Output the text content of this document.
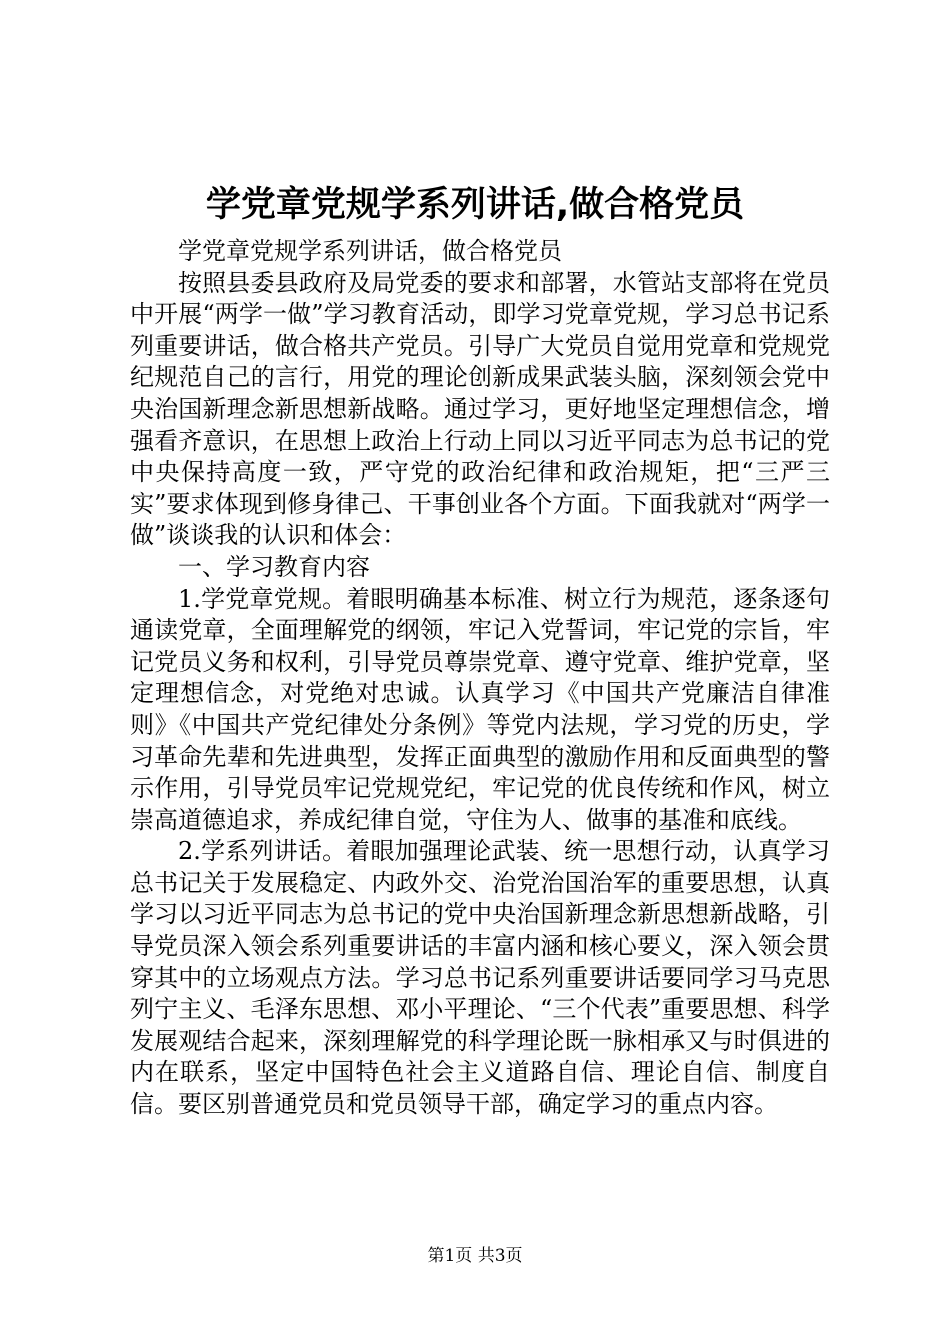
学党章党规学系列讲话,做合格党员

学党章党规学系列讲话，做合格党员

按照县委县政府及局党委的要求和部署，水管站支部将在党员中开展“两学一做”学习教育活动，即学习党章党规，学习总书记系列重要讲话，做合格共产党员。引导广大党员自觉用党章和党规党纪规范自己的言行，用党的理论创新成果武装头脑，深刻领会党中央治国新理念新思想新战略。通过学习，更好地坚定理想信念，增强看齐意识，在思想上政治上行动上同以习近平同志为总书记的党中央保持高度一致，严守党的政治纪律和政治规矩，把“三严三实”要求体现到修身律己、干事创业各个方面。下面我就对“两学一做”谈谈我的认识和体会：

一、学习教育内容

1.学党章党规。着眼明确基本标准、树立行为规范，逐条逐句通读党章，全面理解党的纲领，牢记入党誓词，牢记党的宗旨，牢记党员义务和权利，引导党员尊崇党章、遵守党章、维护党章，坚定理想信念，对党绝对忠诚。认真学习《中国共产党廉洁自律准则》《中国共产党纪律处分条例》等党内法规，学习党的历史，学习革命先辈和先进典型，发挥正面典型的激励作用和反面典型的警示作用，引导党员牢记党规党纪，牢记党的优良传统和作风，树立崇高道德追求，养成纪律自觉，守住为人、做事的基准和底线。

2.学系列讲话。着眼加强理论武装、统一思想行动，认真学习总书记关于发展稳定、内政外交、治党治国治军的重要思想，认真学习以习近平同志为总书记的党中央治国新理念新思想新战略，引导党员深入领会系列重要讲话的丰富内涵和核心要义，深入领会贯穿其中的立场观点方法。学习总书记系列重要讲话要同学习马克思列宁主义、毛泽东思想、邓小平理论、“三个代表”重要思想、科学发展观结合起来，深刻理解党的科学理论既一脉相承又与时俱进的内在联系，坚定中国特色社会主义道路自信、理论自信、制度自信。要区别普通党员和党员领导干部，确定学习的重点内容。

第1页 共3页
